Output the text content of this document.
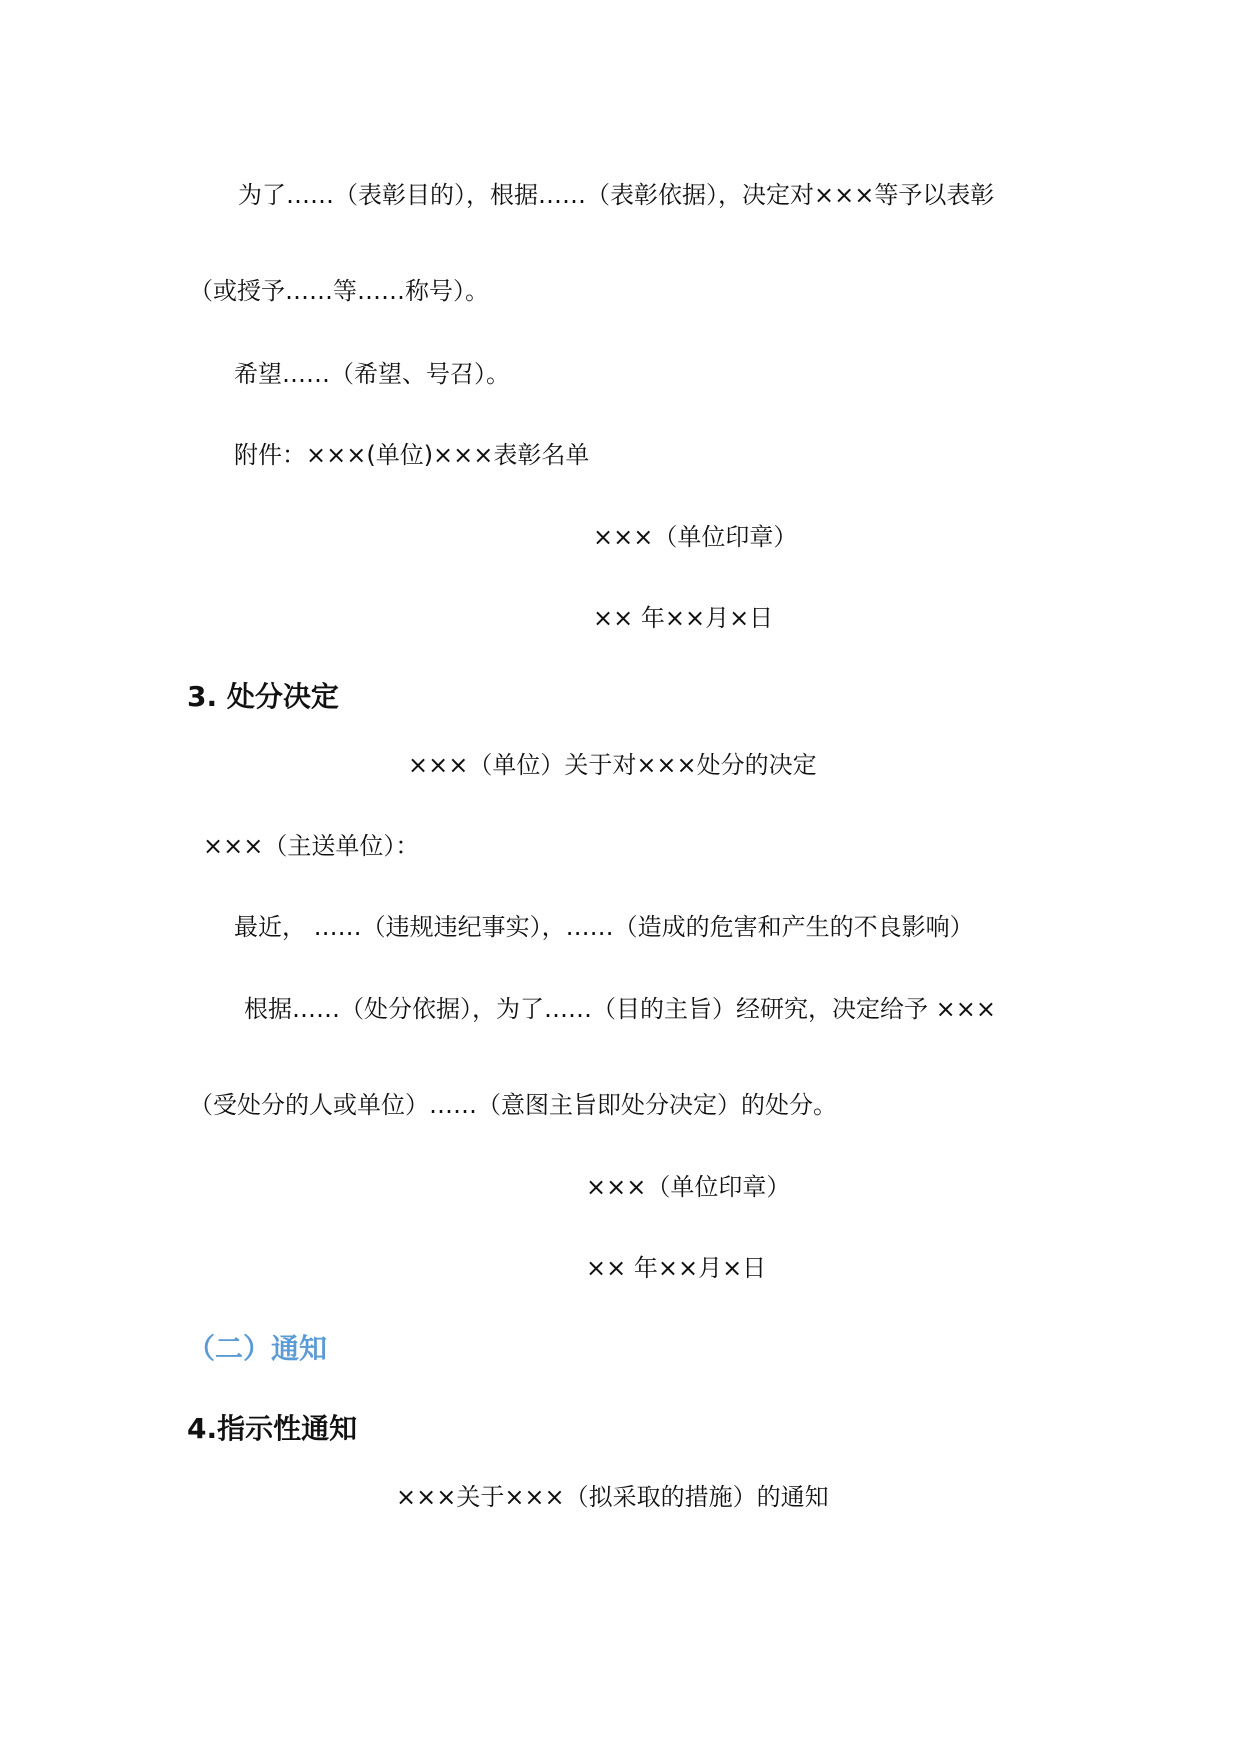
为了……（表彰目的），根据……（表彰依据），决定对×××等予以表彰

（或授予……等……称号）。

希望……（希望、号召）。

附件：×××(单位)×××表彰名单

×××（单位印章）

×× 年××月×日

3. 处分决定

×××（单位）关于对×××处分的决定

×××（主送单位）：

最近， ……（违规违纪事实），……（造成的危害和产生的不良影响）

根据……（处分依据），为了……（目的主旨）经研究，决定给予 ×××

（受处分的人或单位）……（意图主旨即处分决定）的处分。

×××（单位印章）

×× 年××月×日

（二）通知
4.指示性通知

×××关于×××（拟采取的措施）的通知
